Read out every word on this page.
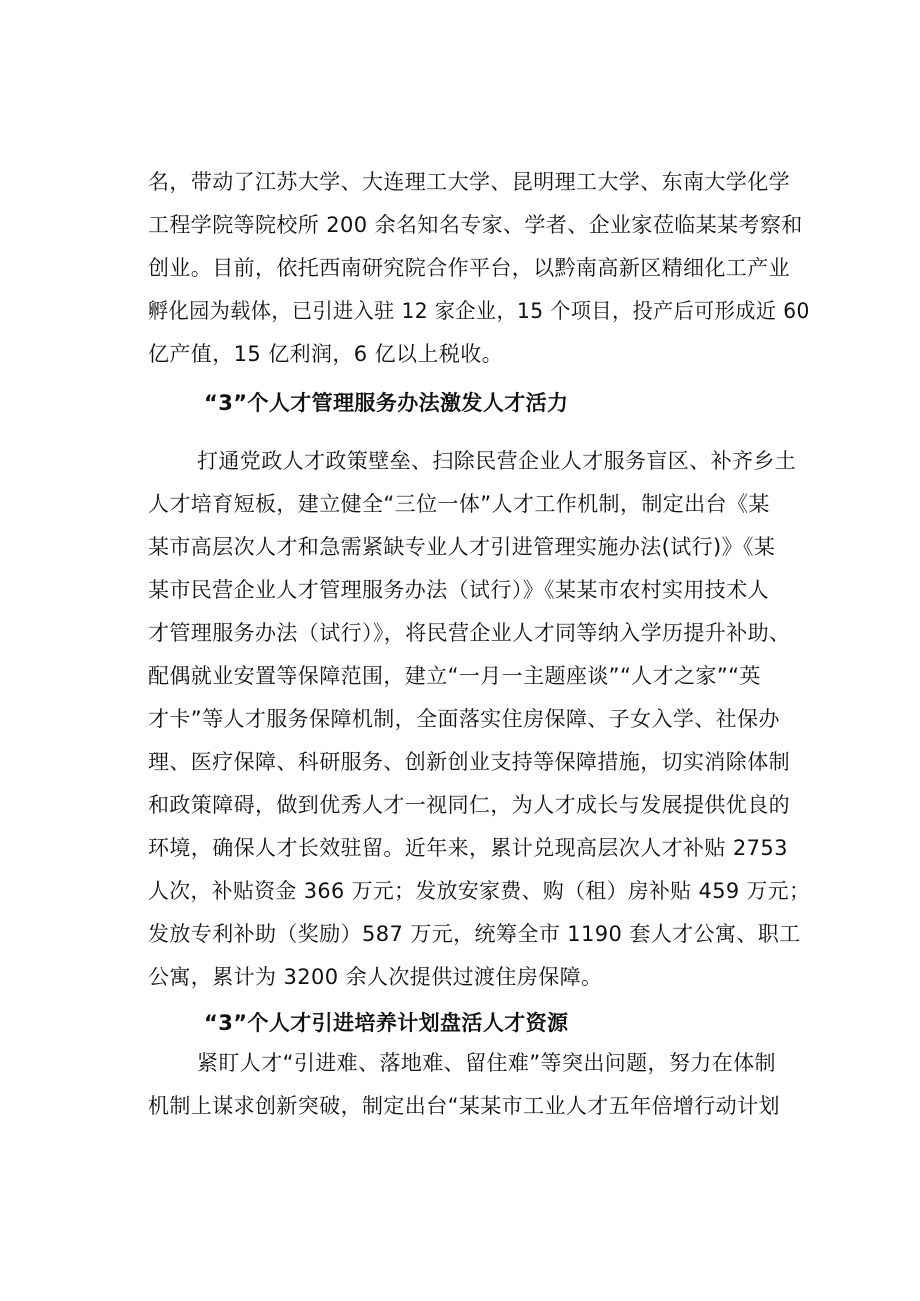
名，带动了江苏大学、大连理工大学、昆明理工大学、东南大学化学
工程学院等院校所 200 余名知名专家、学者、企业家莅临某某考察和
创业。目前，依托西南研究院合作平台，以黔南高新区精细化工产业
孵化园为载体，已引进入驻 12 家企业，15 个项目，投产后可形成近 60
亿产值，15 亿利润，6 亿以上税收。
“3”个人才管理服务办法激发人才活力
打通党政人才政策壁垒、扫除民营企业人才服务盲区、补齐乡土
人才培育短板，建立健全“三位一体”人才工作机制，制定出台《某
某市高层次人才和急需紧缺专业人才引进管理实施办法(试行)》《某
某市民营企业人才管理服务办法（试行）》《某某市农村实用技术人
才管理服务办法（试行）》，将民营企业人才同等纳入学历提升补助、
配偶就业安置等保障范围，建立“一月一主题座谈”“人才之家”“英
才卡”等人才服务保障机制，全面落实住房保障、子女入学、社保办
理、医疗保障、科研服务、创新创业支持等保障措施，切实消除体制
和政策障碍，做到优秀人才一视同仁，为人才成长与发展提供优良的
环境，确保人才长效驻留。近年来，累计兑现高层次人才补贴 2753
人次，补贴资金 366 万元；发放安家费、购（租）房补贴 459 万元；
发放专利补助（奖励）587 万元，统筹全市 1190 套人才公寓、职工
公寓，累计为 3200 余人次提供过渡住房保障。
“3”个人才引进培养计划盘活人才资源
紧盯人才“引进难、落地难、留住难”等突出问题，努力在体制
机制上谋求创新突破，制定出台“某某市工业人才五年倍增行动计划
